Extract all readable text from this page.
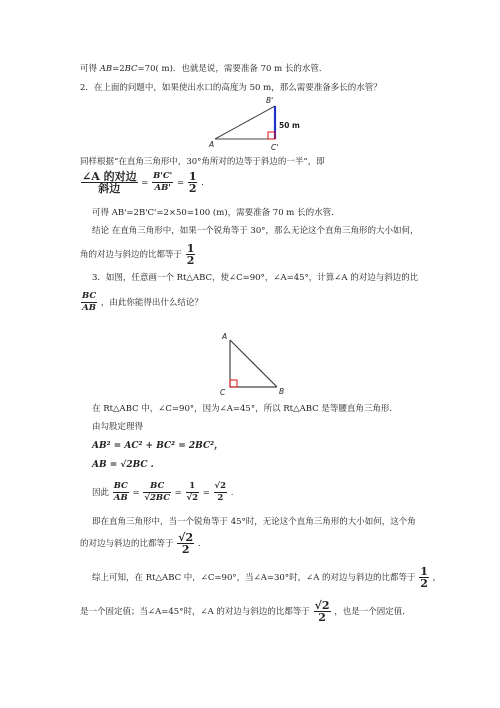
可得 AB=2BC=70( m)．也就是说，需要准备 70 m 长的水管．
2．在上面的问题中，如果使出水口的高度为 50 m，那么需要准备多长的水管？
A
B'
C'
50 m
同样根据“在直角三角形中，30°角所对的边等于斜边的一半”，即
$\frac{\text{∠A 的对边}}{\text{斜边}} = \frac{B'C'}{AB'} = \frac{1}{2}$ .
可得 AB'=2B'C'=2×50=100 (m)，需要准备 70 m 长的水管．
结论 在直角三角形中，如果一个锐角等于 30°，那么无论这个直角三角形的大小如何，
角的对边与斜边的比都等于 $\frac{1}{2}$
3．如图，任意画一个 Rt△ABC，使∠C=90°，∠A=45°，计算∠A 的对边与斜边的比
$\frac{BC}{AB}$ ，由此你能得出什么结论？
A
C	B
在 Rt△ABC 中，∠C=90°，因为∠A=45°，所以 Rt△ABC 是等腰直角三角形．
由勾股定理得
AB² = AC² + BC² = 2BC²，
AB = √2BC .
因此 $\frac{BC}{AB} = \frac{BC}{√2BC} = \frac{1}{√2} = \frac{√2}{2}$ .
即在直角三角形中，当一个锐角等于 45°时，无论这个直角三角形的大小如何，这个角
的对边与斜边的比都等于 $\frac{√2}{2}$ .
综上可知，在 Rt△ABC 中，∠C=90°，当∠A=30°时，∠A 的对边与斜边的比都等于 $\frac{1}{2}$ ，
是一个固定值；当∠A=45°时，∠A 的对边与斜边的比都等于 $\frac{√2}{2}$ ，也是一个固定值．
